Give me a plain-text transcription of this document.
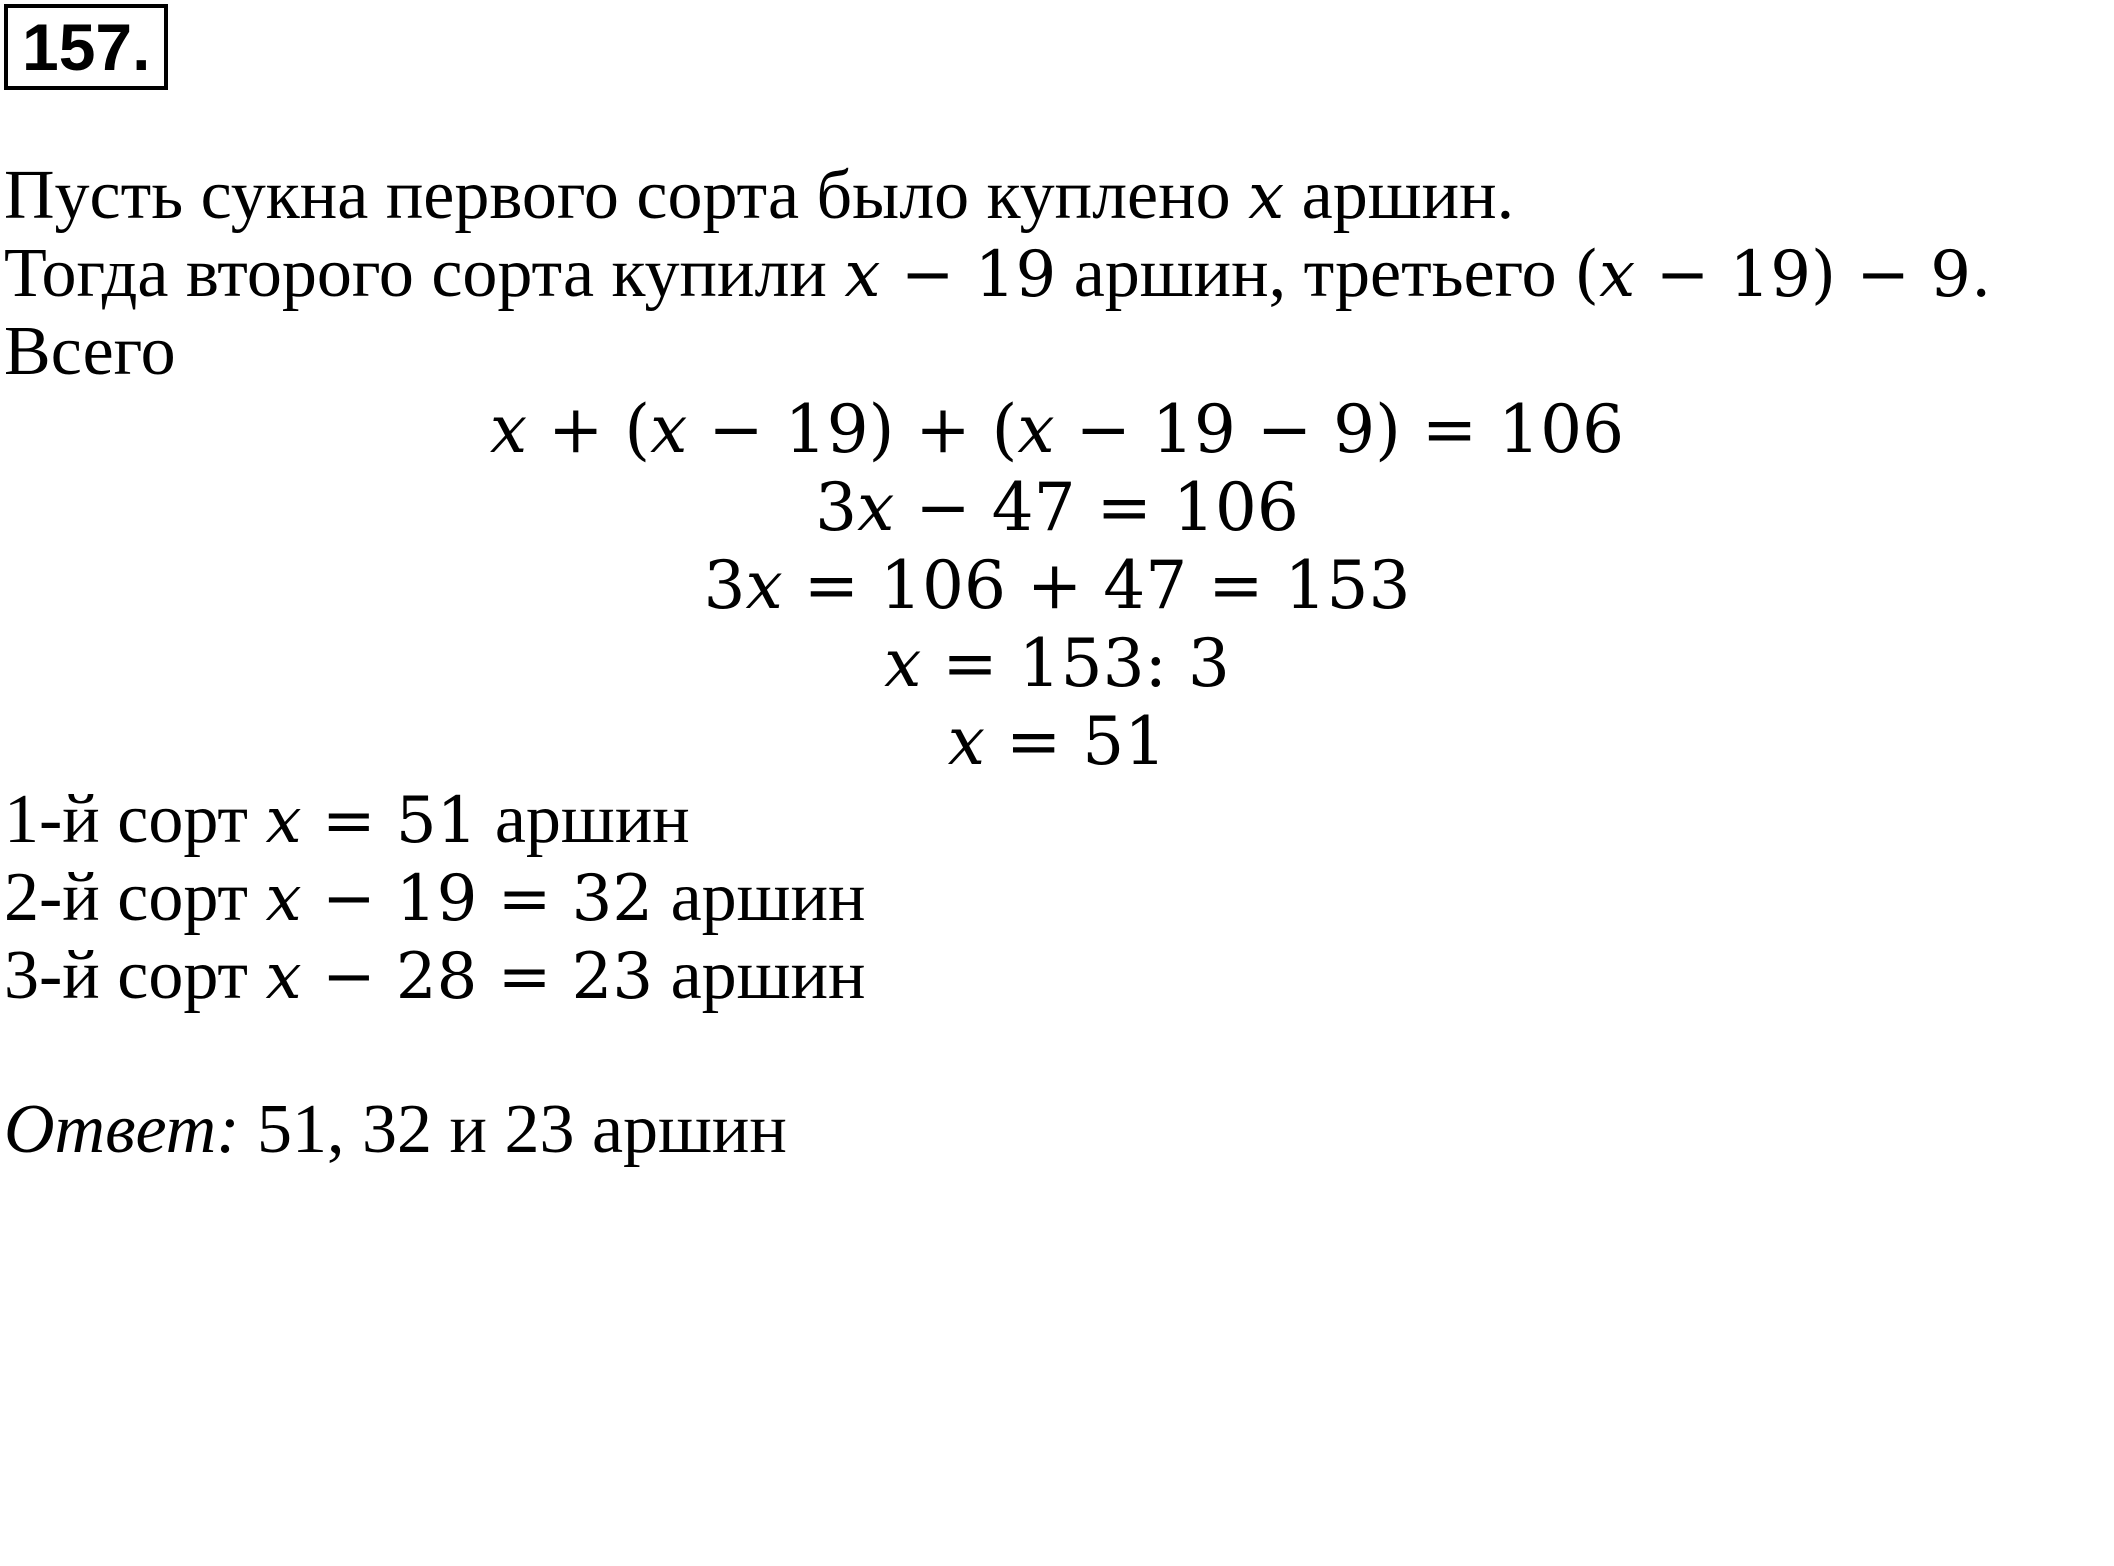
157.
Пусть сукна первого сорта было куплено x аршин.
Тогда второго сорта купили x − 19 аршин, третьего (x − 19) − 9.
Всего
x + (x − 19) + (x − 19 − 9) = 106
3x − 47 = 106
3x = 106 + 47 = 153
x = 153: 3
x = 51
1-й сорт x = 51 аршин
2-й сорт x − 19 = 32 аршин
3-й сорт x − 28 = 23 аршин
Ответ: 51, 32 и 23 аршин
